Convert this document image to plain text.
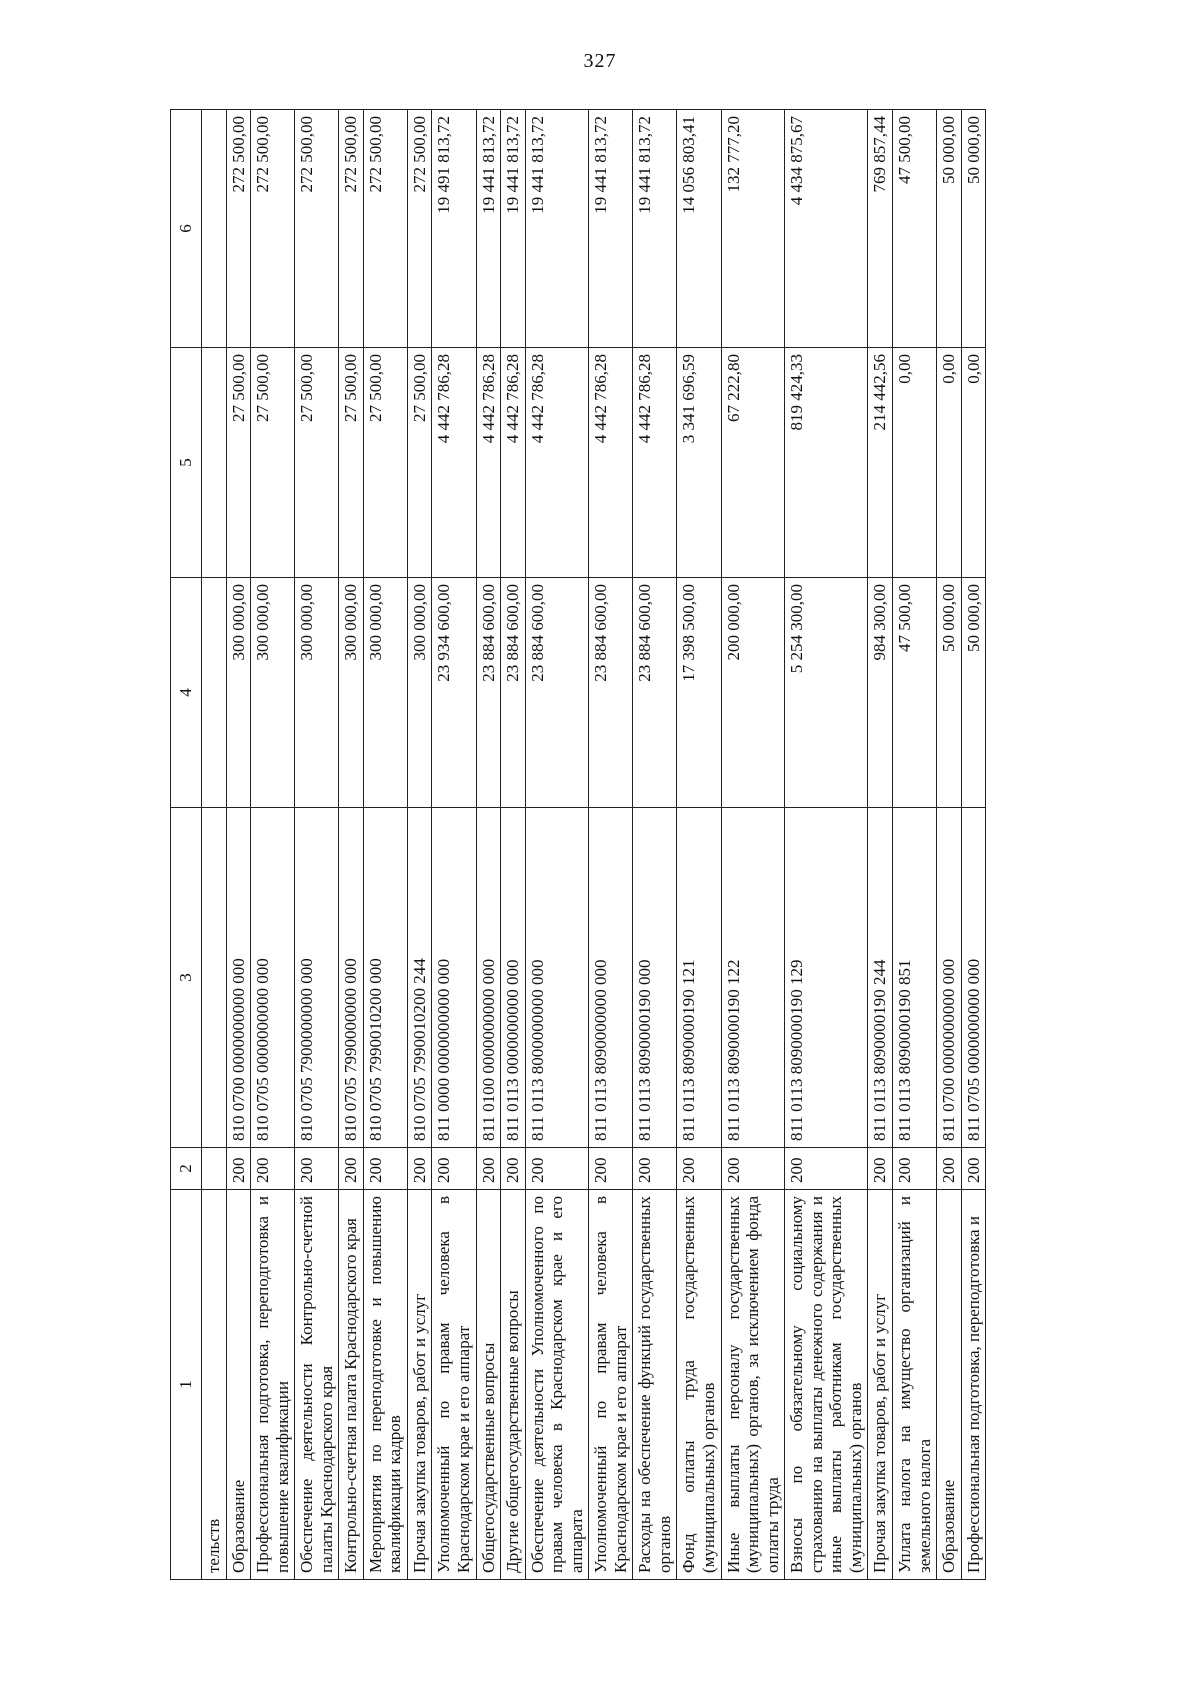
327
1	2	3	4	5	6
тельств					
Образование	200	810 0700 0000000000 000	300 000,00	27 500,00	272 500,00
Профессиональная подготовка, переподготовка и повышение квалификации	200	810 0705 0000000000 000	300 000,00	27 500,00	272 500,00
Обеспечение деятельности Контрольно-счетной палаты Краснодарского края	200	810 0705 7900000000 000	300 000,00	27 500,00	272 500,00
Контрольно-счетная палата Краснодарского края	200	810 0705 7990000000 000	300 000,00	27 500,00	272 500,00
Мероприятия по переподготовке и повышению квалификации кадров	200	810 0705 7990010200 000	300 000,00	27 500,00	272 500,00
Прочая закупка товаров, работ и услуг	200	810 0705 7990010200 244	300 000,00	27 500,00	272 500,00
Уполномоченный по правам человека в Краснодарском крае и его аппарат	200	811 0000 0000000000 000	23 934 600,00	4 442 786,28	19 491 813,72
Общегосударственные вопросы	200	811 0100 0000000000 000	23 884 600,00	4 442 786,28	19 441 813,72
Другие общегосударственные вопросы	200	811 0113 0000000000 000	23 884 600,00	4 442 786,28	19 441 813,72
Обеспечение деятельности Уполномоченного по правам человека в Краснодарском крае и его аппарата	200	811 0113 8000000000 000	23 884 600,00	4 442 786,28	19 441 813,72
Уполномоченный по правам человека в Краснодарском крае и его аппарат	200	811 0113 8090000000 000	23 884 600,00	4 442 786,28	19 441 813,72
Расходы на обеспечение функций государственных органов	200	811 0113 8090000190 000	23 884 600,00	4 442 786,28	19 441 813,72
Фонд оплаты труда государственных (муниципальных) органов	200	811 0113 8090000190 121	17 398 500,00	3 341 696,59	14 056 803,41
Иные выплаты персоналу государственных (муниципальных) органов, за исключением фонда оплаты труда	200	811 0113 8090000190 122	200 000,00	67 222,80	132 777,20
Взносы по обязательному социальному страхованию на выплаты денежного содержания и иные выплаты работникам государственных (муниципальных) органов	200	811 0113 8090000190 129	5 254 300,00	819 424,33	4 434 875,67
Прочая закупка товаров, работ и услуг	200	811 0113 8090000190 244	984 300,00	214 442,56	769 857,44
Уплата налога на имущество организаций и земельного налога	200	811 0113 8090000190 851	47 500,00	0,00	47 500,00
Образование	200	811 0700 0000000000 000	50 000,00	0,00	50 000,00
Профессиональная подготовка, переподготовка и	200	811 0705 0000000000 000	50 000,00	0,00	50 000,00
